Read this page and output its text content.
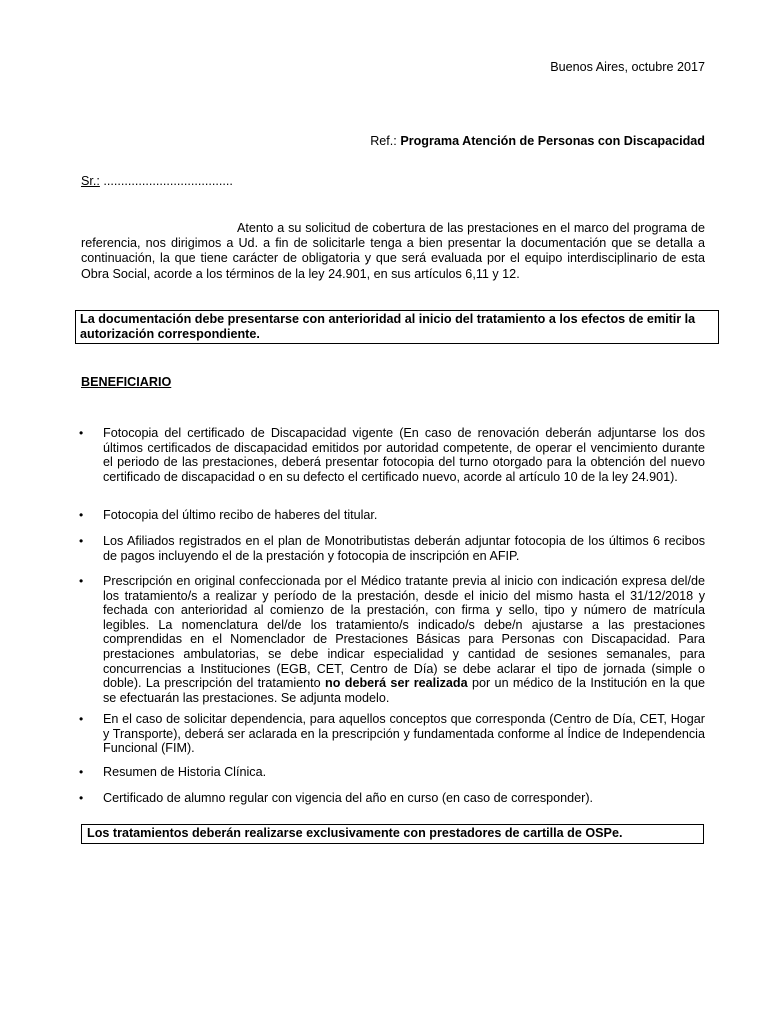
Buenos Aires, octubre 2017
Ref.: Programa Atención de Personas con Discapacidad
Sr.: .....................................
Atento a su solicitud de cobertura de las prestaciones en el marco del programa de referencia, nos dirigimos a Ud. a fin de solicitarle tenga a bien presentar la documentación que se detalla a continuación, la que tiene carácter de obligatoria y que será evaluada por el equipo interdisciplinario de esta Obra Social, acorde a los términos de la ley 24.901, en sus artículos 6,11 y 12.
La documentación debe presentarse con anterioridad al inicio del tratamiento a los efectos de emitir la autorización correspondiente.
BENEFICIARIO
• Fotocopia del certificado de Discapacidad vigente (En caso de renovación deberán adjuntarse los dos últimos certificados de discapacidad emitidos por autoridad competente, de operar el vencimiento durante el periodo de las prestaciones, deberá presentar fotocopia del turno otorgado para la obtención del nuevo certificado de discapacidad o en su defecto el certificado nuevo, acorde al artículo 10 de la ley 24.901).
• Fotocopia del último recibo de haberes del titular.
• Los Afiliados registrados en el plan de Monotributistas deberán adjuntar fotocopia de los últimos 6 recibos de pagos incluyendo el de la prestación y fotocopia de inscripción en AFIP.
• Prescripción en original confeccionada por el Médico tratante previa al inicio con indicación expresa del/de los tratamiento/s a realizar y período de la prestación, desde el inicio del mismo hasta el 31/12/2018 y fechada con anterioridad al comienzo de la prestación, con firma y sello, tipo y número de matrícula legibles. La nomenclatura del/de los tratamiento/s indicado/s debe/n ajustarse a las prestaciones comprendidas en el Nomenclador de Prestaciones Básicas para Personas con Discapacidad. Para prestaciones ambulatorias, se debe indicar especialidad y cantidad de sesiones semanales, para concurrencias a Instituciones (EGB, CET, Centro de Día) se debe aclarar el tipo de jornada (simple o doble). La prescripción del tratamiento no deberá ser realizada por un médico de la Institución en la que se efectuarán las prestaciones. Se adjunta modelo.
• En el caso de solicitar dependencia, para aquellos conceptos que corresponda (Centro de Día, CET, Hogar y Transporte), deberá ser aclarada en la prescripción y fundamentada conforme al Índice de Independencia Funcional (FIM).
• Resumen de Historia Clínica.
• Certificado de alumno regular con vigencia del año en curso (en caso de corresponder).
Los tratamientos deberán realizarse exclusivamente con prestadores de cartilla de OSPe.
